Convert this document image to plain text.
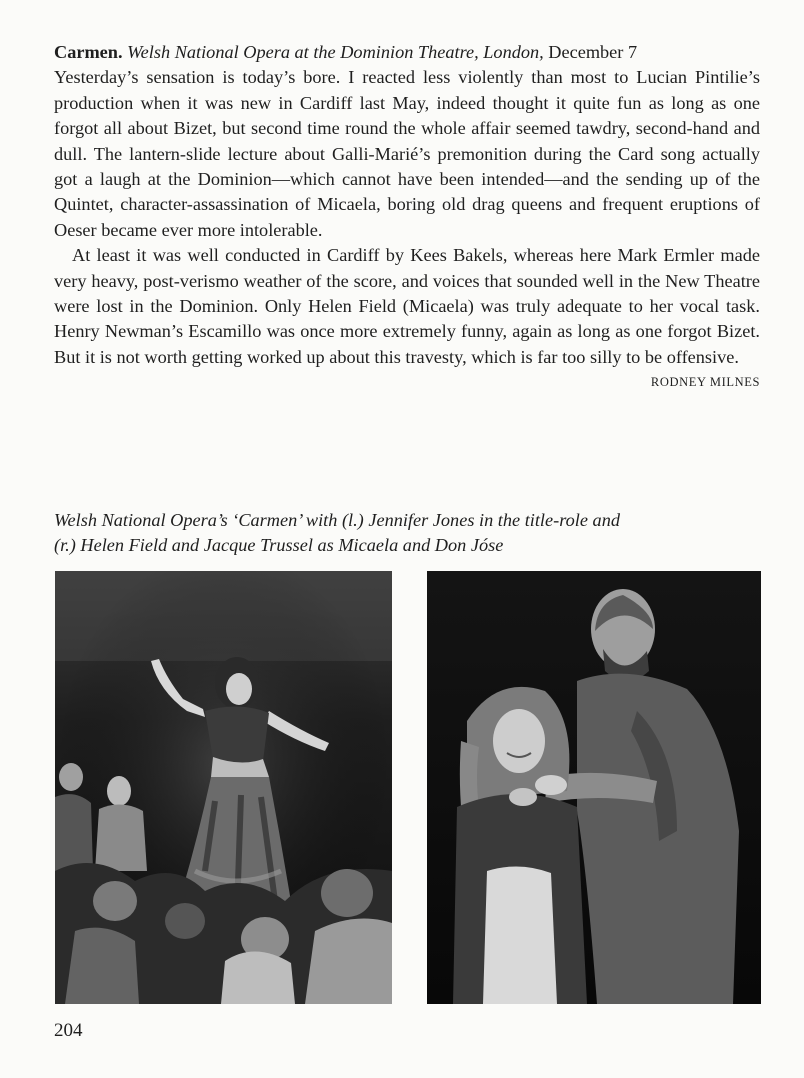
Carmen. Welsh National Opera at the Dominion Theatre, London, December 7
Yesterday’s sensation is today’s bore. I reacted less violently than most to Lucian Pintilie’s production when it was new in Cardiff last May, indeed thought it quite fun as long as one forgot all about Bizet, but second time round the whole affair seemed tawdry, second-hand and dull. The lantern-slide lecture about Galli-Marié’s premonition during the Card song actually got a laugh at the Dominion—which cannot have been intended—and the sending up of the Quintet, character-assassination of Micaela, boring old drag queens and frequent eruptions of Oeser became ever more intolerable.

At least it was well conducted in Cardiff by Kees Bakels, whereas here Mark Ermler made very heavy, post-verismo weather of the score, and voices that sounded well in the New Theatre were lost in the Dominion. Only Helen Field (Micaela) was truly adequate to her vocal task. Henry Newman’s Escamillo was once more extremely funny, again as long as one forgot Bizet. But it is not worth getting worked up about this travesty, which is far too silly to be offensive.

RODNEY MILNES
Welsh National Opera’s ‘Carmen’ with (l.) Jennifer Jones in the title-role and
(r.) Helen Field and Jacque Trussel as Micaela and Don Jóse
204
